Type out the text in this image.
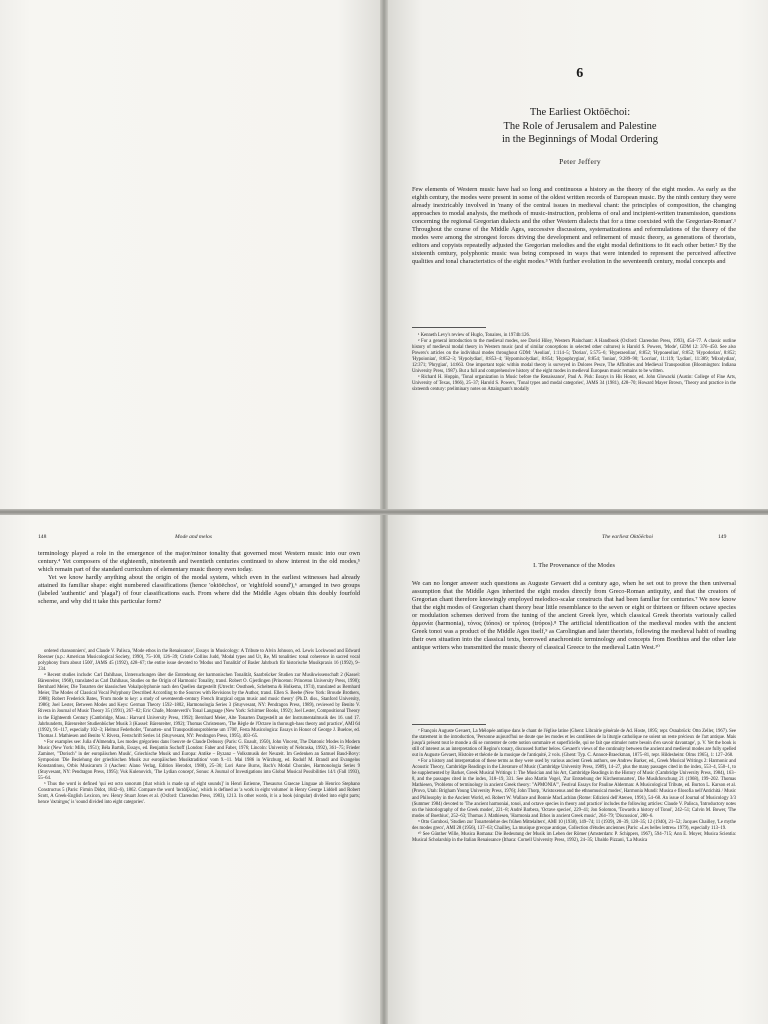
6
The Earliest Oktōēchoi:
The Role of Jerusalem and Palestine
in the Beginnings of Modal Ordering
Peter Jeffery

Few elements of Western music have had so long and continuous a history as the theory of the eight modes. As early as the eighth century, the modes were present in some of the oldest written records of European music. By the ninth century they were already inextricably involved in 'many of the central issues in medieval chant: the principles of composition, the changing approaches to modal analysis, the methods of music-instruction, problems of oral and incipient-written transmission, questions concerning the regional Gregorian dialects and the other Western dialects that for a time coexisted with the Gregorian-Roman'.¹ Throughout the course of the Middle Ages, successive discussions, systematizations and reformulations of the theory of the modes were among the strongest forces driving the development and refinement of music theory, as generations of theorists, editors and copyists repeatedly adjusted the Gregorian melodies and the eight modal definitions to fit each other better.² By the sixteenth century, polyphonic music was being composed in ways that were intended to represent the perceived affective qualities and tonal characteristics of the eight modes.³ With further evolution in the seventeenth century, modal concepts and

¹ Kenneth Levy's review of Huglo, Tonaires, in 1974b:126.

² For a general introduction to the medieval modes, see David Hiley, Western Plainchant: A Handbook (Oxford: Clarendon Press, 1993), 454–77. A classic outline history of medieval modal theory in Western music (and of similar conceptions in selected other cultures) is Harold S. Powers, 'Mode', GDM 12: 376–450. See also Powers's articles on the individual modes throughout GDM: 'Aeolian', 1:114–5; 'Dorian', 5:575–6; 'Hyperaeolian', 8:852; 'Hypoaeolian', 8:852; 'Hypodorian', 8:852; 'Hypoionian', 8:852–3; 'Hypolydian', 8:853–4; 'Hypomixolydian', 8:854; 'Hypophrygian', 8:854; 'Ionian', 9:289–90; 'Locrian', 11:119; 'Lydian', 11:389; 'Mixolydian', 12:371; 'Phrygian', 14:663. One important topic within modal theory is surveyed in Dolores Pesce, The Affinities and Medieval Transposition (Bloomington: Indiana University Press, 1987). But a full and comprehensive history of the eight modes in medieval European music remains to be written.

³ Richard H. Hoppin, 'Tonal organization in Music before the Renaissance', Paul A. Pisk: Essays in His Honor, ed. John Glowacki (Austin: College of Fine Arts, University of Texas, 1966), 25–37; Harold S. Powers, 'Tonal types and modal categories', JAMS 34 (1981), 428–70; Howard Mayer Brown, 'Theory and practice in the sixteenth century: preliminary notes on Attaingnant's modally

148	Mode and melos

terminology played a role in the emergence of the major/minor tonality that governed most Western music into our own century.⁴ Yet composers of the eighteenth, nineteenth and twentieth centuries continued to show interest in the old modes,⁵ which remain part of the standard curriculum of elementary music theory even today.

Yet we know hardly anything about the origin of the modal system, which even in the earliest witnesses had already attained its familiar shape: eight numbered classifications (hence 'oktōēchos', or 'eightfold sound'),⁶ arranged in two groups (labeled 'authentic' and 'plagal') of four classifications each. From where did the Middle Ages obtain this doubly fourfold scheme, and why did it take this particular form?

ordered chansonniers', and Claude V. Palisca, 'Mode ethos in the Renaissance', Essays in Musicology: A Tribute to Alvin Johnson, ed. Lewis Lockwood and Edward Roesner (n.p.: American Musicological Society, 1990), 75–100, 126–39; Cristle Collins Judd, 'Modal types and Ut, Re, Mi tonalities: tonal coherence in sacred vocal polyphony from about 1500', JAMS 45 (1992), 428–67; the entire issue devoted to 'Modus und Tonalität' of Basler Jahrbuch für historische Musikpraxis 16 (1992), 9–234.

⁴ Recent studies include: Carl Dahlhaus, Untersuchungen über die Entstehung der harmonischen Tonalität, Saarbrücker Studien zur Musikwissenschaft 2 (Kassel: Bärenreiter, 1968), translated as Carl Dahlhaus, Studies on the Origin of Harmonic Tonality, transl. Robert O. Gjerdingen (Princeton: Princeton University Press, 1990); Bernhard Meier, Die Tonarten der klassischen Vokalpolyphonie nach den Quellen dargestellt (Utrecht: Oosthoek, Scheltema & Holkema, 1974), translated as Bernhard Meier, The Modes of Classical Vocal Polyphony Described According to the Sources with Revisions by the Author, transl. Ellen S. Beebe (New York: Broude Brothers, 1988); Robert Frederick Bates, 'From mode to key: a study of seventeenth-century French liturgical organ music and music theory' (Ph.D. diss., Stanford University, 1986); Joel Lester, Between Modes and Keys: German Theory 1592–1802, Harmonologia Series 3 (Stuyvesant, NY: Pendragon Press, 1989), reviewed by Benito V. Rivera in Journal of Music Theory 35 (1991), 267–82; Eric Chafe, Monteverdi's Tonal Language (New York: Schirmer Books, 1992); Joel Lester, Compositional Theory in the Eighteenth Century (Cambridge, Mass.: Harvard University Press, 1992); Bernhard Meier, Alte Tonarten Dargestellt an der Instrumentalmusik des 16. und 17. Jahrhunderts, Bärenreiter Studienbücher Musik 3 (Kassel: Bärenreiter, 1992); Thomas Christensen, 'The Règle de l'Octave in thorough-bass theory and practice', AMI 64 (1992), 91–117, especially 102–3; Helmut Federhofer, 'Tonarten- und Transpositionsprobleme um 1700', Festa Musicologica: Essays in Honor of George J. Buelow, ed. Thomas J. Mathiesen and Benito V. Rivera, Festschrift Series 14 (Stuyvesant, NY: Pendragon Press, 1995), 403–65.

⁵ For examples see: Julia d'Almendra, Les modes grégoriens dans l'oeuvre de Claude Debussy (Paris: G. Enault, 1950), John Vincent, The Diatonic Modes in Modern Music (New York: Mills, 1951); Béla Bartók, Essays, ed. Benjamin Suchoff (London: Faber and Faber, 1976; Lincoln: University of Nebraska, 1992), 361–75; Frieder Zaminer, '"Dorisch" in der europäischen Musik', Griechische Musik und Europa: Antike – Byzanz – Volksmusik der Neuzeit. Im Gedenken an Samuel Baud-Bovy: Symposion 'Die Beziehung der griechischen Musik zur europäischen Musiktradition' vom 9.–11. Mai 1986 in Würzburg, ed. Rudolf M. Brandl and Evangelos Konstantinou, Orbis Musicarum 3 (Aachen: Alano Verlag, Edition Herodot, 1988), 25–36; Lori Anne Burns, Bach's Modal Chorales, Harmonologia Series 9 (Stuyvesant, NY: Pendragon Press, 1995); Vuk Kulenovich, 'The Lydian concept', Sonus: A Journal of Investigations into Global Musical Possibilities 14/1 (Fall 1993), 55–64.

⁶ Thus the word is defined 'qui est octo sonorum [that which is made up of eight sounds]' in Henri Estienne, Thesaurus Graecae Linguae ab Henrico Stephano Constructus 5 (Paris: Firmin Didot, 1842–6), 1862. Compare the word 'ἀκτάῆλλος', which is defined as 'a work in eight volumes' in Henry George Liddell and Robert Scott, A Greek-English Lexicon, rev. Henry Stuart Jones et al. (Oxford: Clarendon Press, 1983), 1213. In other words, it is a book (singular) divided into eight parts; hence 'ἀκτάηχος' is 'sound divided into eight categories'.

The earliest Oktōēchoi	149
I. The Provenance of the Modes

We can no longer answer such questions as Auguste Gevaert did a century ago, when he set out to prove the then universal assumption that the Middle Ages inherited the eight modes directly from Greco-Roman antiquity, and that the creators of Gregorian chant therefore knowingly employed melodico-scalar constructs that had been familiar for centuries.⁷ We now know that the eight modes of Gregorian chant theory bear little resemblance to the seven or eight or thirteen or fifteen octave species or modulation schemes derived from the tuning of the ancient Greek lyre, which classical Greek theorists variously called ἁρμονία (harmonia), τόνος (tónos) or τρόπος (trópos).⁸ The artificial identification of the medieval modes with the ancient Greek tonoi was a product of the Middle Ages itself,⁹ as Carolingian and later theorists, following the medieval habit of reading their own situation into the classical texts, borrowed anachronistic terminology and concepts from Boethius and the other late antique writers who transmitted the music theory of classical Greece to the medieval Latin West.¹⁰

⁷ François Auguste Gevaert, La Mélopée antique dans le chant de l'église latine (Ghent: Librairie générale de Ad. Hoste, 1895; repr. Osnabrück: Otto Zeller, 1967). See the statement in the introduction, 'Personne aujourd'hui ne doute que les modes et les cantilènes de la liturgie catholique ne soient un reste précieux de l'art antique. Mais jusqu'à présent tout le monde a dû se contenter de cette notion sommaire et superficielle, qui ne fait que stimuler notre besoin d'en savoir davantage', p. V. Yet the book is still of interest as an interpretation of Regino's tonary, discussed further below. Gevaert's views of the continuity between the ancient and medieval modes are fully spelled out in Auguste Gevaert, Histoire et théorie de la musique de l'antiquité, 2 vols. (Ghent: Typ. C. Annoot-Braeckman, 1875–81, repr. Hildesheim: Olms 1965), 1: 127–268.

⁸ For a history and interpretation of these terms as they were used by various ancient Greek authors, see Andrew Barker, ed., Greek Musical Writings 2: Harmonic and Acoustic Theory, Cambridge Readings in the Literature of Music (Cambridge University Press, 1989), 14–27, plus the many passages cited in the index, 553–4, 550–1, to be supplemented by Barker, Greek Musical Writings 1: The Musician and his Art, Cambridge Readings in the History of Music (Cambridge University Press, 1984), 163–8, and the passages cited in the index, 318–19, 331. See also Martin Vogel, 'Zur Entstehung der Kirchentonarten', Die Musikforschung 21 (1968), 199–202. Thomas Mathiesen, 'Problems of terminology in ancient Greek theory: "APMONIA"', Festival Essays for Pauline Alderman: A Musicological Tribute, ed. Burton L. Karson et al. (Provo, Utah: Brigham Young University Press, 1976); John Thorp, 'Aristoxenus and the ethnomusical modes', Harmonia Mundi: Musica e filosofia nell'Antichità / Music and Philosophy in the Ancient World, ed. Robert W. Wallace and Bonnie MacLachlan (Rome: Edizioni dell'Ateneo, 1991), 54–68. An issue of Journal of Musicology 3/3 (Summer 1984) devoted to 'The ancient harmoniai, tonoi, and octave species in theory and practice' includes the following articles: Claude V. Palisca, 'Introductory notes on the historiography of the Greek modes', 221–8; André Barbera, 'Octave species', 229–41; Jon Solomon, 'Towards a history of Tonoi', 242–51; Calvin M. Bower, 'The modes of Boethius', 252–63; Thomas J. Mathiesen, 'Harmonia and Ethos in ancient Greek music', 264–79; 'Discussion', 280–6.

⁹ Otto Gombosi, 'Studien zur Tonartenlehre des frühen Mittelalters', AMI 10 (1938), 149–74; 11 (1939), 28–39, 128–35; 12 (1940), 21–52; Jacques Chailley, 'Le mythe des modes grecs', AMI 28 (1956), 137–63; Chailley, La musique grecque antique, Collection d'études anciennes (Paris: «Les belles lettres» 1979), especially 113–19.

¹⁰ See Günther Wille, Musica Romana: Die Bedeutung der Musik im Leben der Römer (Amsterdam: P. Schippers, 1967), 594–715; Ann E. Moyer, Musica Scientia: Musical Scholarship in the Italian Renaissance (Ithaca: Cornell University Press, 1992), 24–35; Ubaldo Pizzani, 'La Musica
